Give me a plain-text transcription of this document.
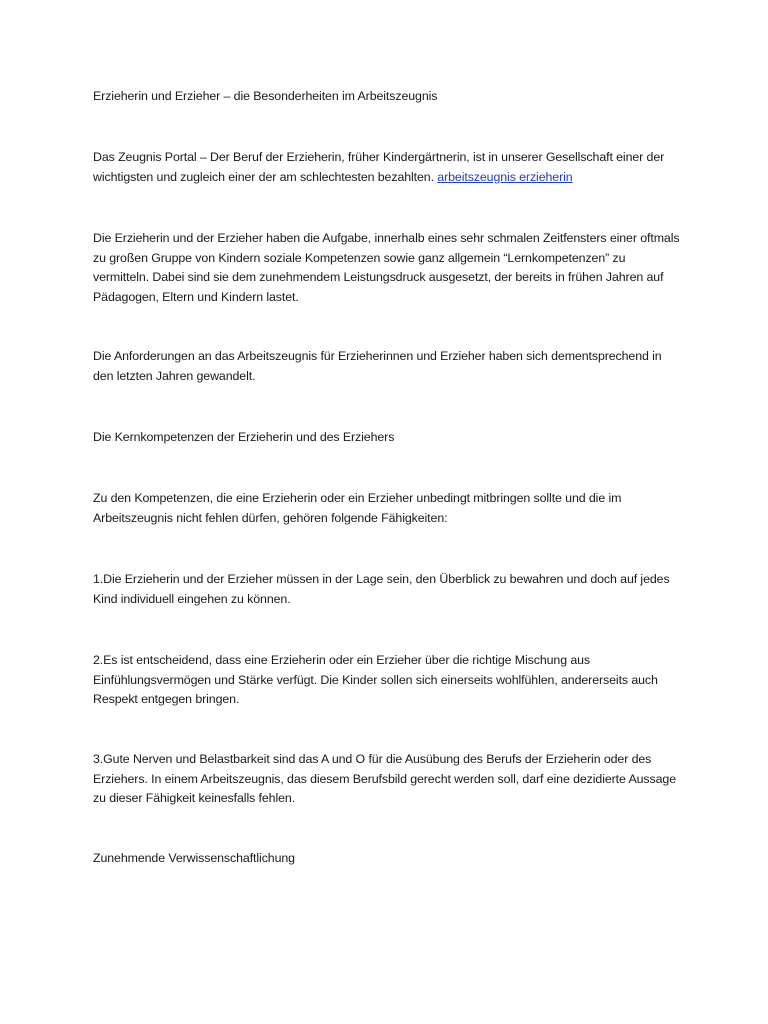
Erzieherin und Erzieher – die Besonderheiten im Arbeitszeugnis

Das Zeugnis Portal – Der Beruf der Erzieherin, früher Kindergärtnerin, ist in unserer Gesellschaft einer der wichtigsten und zugleich einer der am schlechtesten bezahlten. arbeitszeugnis erzieherin

Die Erzieherin und der Erzieher haben die Aufgabe, innerhalb eines sehr schmalen Zeitfensters einer oftmals zu großen Gruppe von Kindern soziale Kompetenzen sowie ganz allgemein “Lernkompetenzen” zu vermitteln. Dabei sind sie dem zunehmendem Leistungsdruck ausgesetzt, der bereits in frühen Jahren auf Pädagogen, Eltern und Kindern lastet.

Die Anforderungen an das Arbeitszeugnis für Erzieherinnen und Erzieher haben sich dementsprechend in den letzten Jahren gewandelt.

Die Kernkompetenzen der Erzieherin und des Erziehers

Zu den Kompetenzen, die eine Erzieherin oder ein Erzieher unbedingt mitbringen sollte und die im Arbeitszeugnis nicht fehlen dürfen, gehören folgende Fähigkeiten:

1.Die Erzieherin und der Erzieher müssen in der Lage sein, den Überblick zu bewahren und doch auf jedes Kind individuell eingehen zu können.

2.Es ist entscheidend, dass eine Erzieherin oder ein Erzieher über die richtige Mischung aus Einfühlungsvermögen und Stärke verfügt. Die Kinder sollen sich einerseits wohlfühlen, andererseits auch Respekt entgegen bringen.

3.Gute Nerven und Belastbarkeit sind das A und O für die Ausübung des Berufs der Erzieherin oder des Erziehers. In einem Arbeitszeugnis, das diesem Berufsbild gerecht werden soll, darf eine dezidierte Aussage zu dieser Fähigkeit keinesfalls fehlen.

Zunehmende Verwissenschaftlichung
